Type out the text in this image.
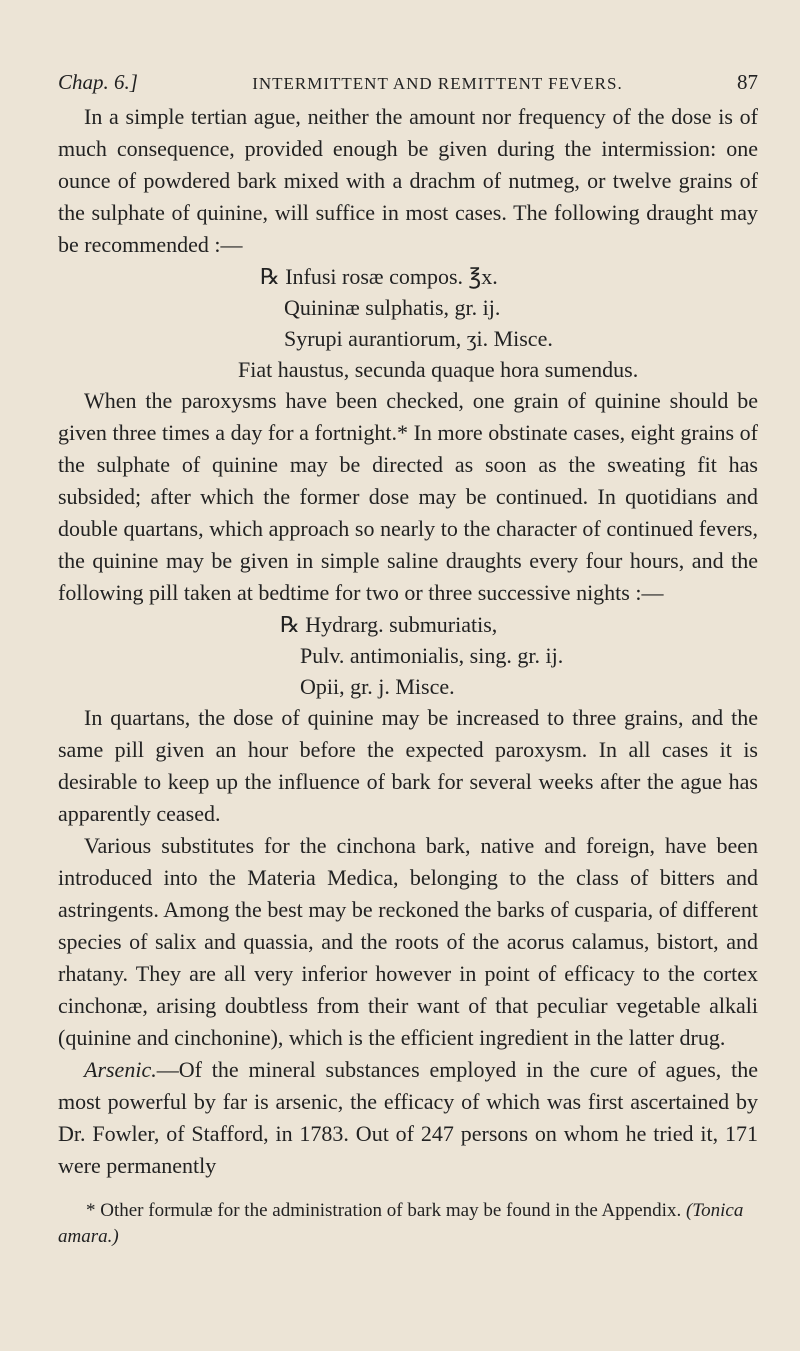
Chap. 6.]	INTERMITTENT AND REMITTENT FEVERS.	87

In a simple tertian ague, neither the amount nor frequency of the dose is of much consequence, provided enough be given during the intermission: one ounce of powdered bark mixed with a drachm of nutmeg, or twelve grains of the sulphate of quinine, will suffice in most cases. The following draught may be recommended :—

℞ Infusi rosæ compos. ℥x.
Quininæ sulphatis, gr. ij.
Syrupi aurantiorum, ʒi. Misce.
Fiat haustus, secunda quaque hora sumendus.

When the paroxysms have been checked, one grain of quinine should be given three times a day for a fortnight.* In more obstinate cases, eight grains of the sulphate of quinine may be directed as soon as the sweating fit has subsided; after which the former dose may be continued. In quotidians and double quartans, which approach so nearly to the character of continued fevers, the quinine may be given in simple saline draughts every four hours, and the following pill taken at bedtime for two or three successive nights :—

℞ Hydrarg. submuriatis,
Pulv. antimonialis, sing. gr. ij.
Opii, gr. j. Misce.

In quartans, the dose of quinine may be increased to three grains, and the same pill given an hour before the expected paroxysm. In all cases it is desirable to keep up the influence of bark for several weeks after the ague has apparently ceased.

Various substitutes for the cinchona bark, native and foreign, have been introduced into the Materia Medica, belonging to the class of bitters and astringents. Among the best may be reckoned the barks of cusparia, of different species of salix and quassia, and the roots of the acorus calamus, bistort, and rhatany. They are all very inferior however in point of efficacy to the cortex cinchonæ, arising doubtless from their want of that peculiar vegetable alkali (quinine and cinchonine), which is the efficient ingredient in the latter drug.

Arsenic.—Of the mineral substances employed in the cure of agues, the most powerful by far is arsenic, the efficacy of which was first ascertained by Dr. Fowler, of Stafford, in 1783. Out of 247 persons on whom he tried it, 171 were permanently

* Other formulæ for the administration of bark may be found in the Appendix. (Tonica amara.)
